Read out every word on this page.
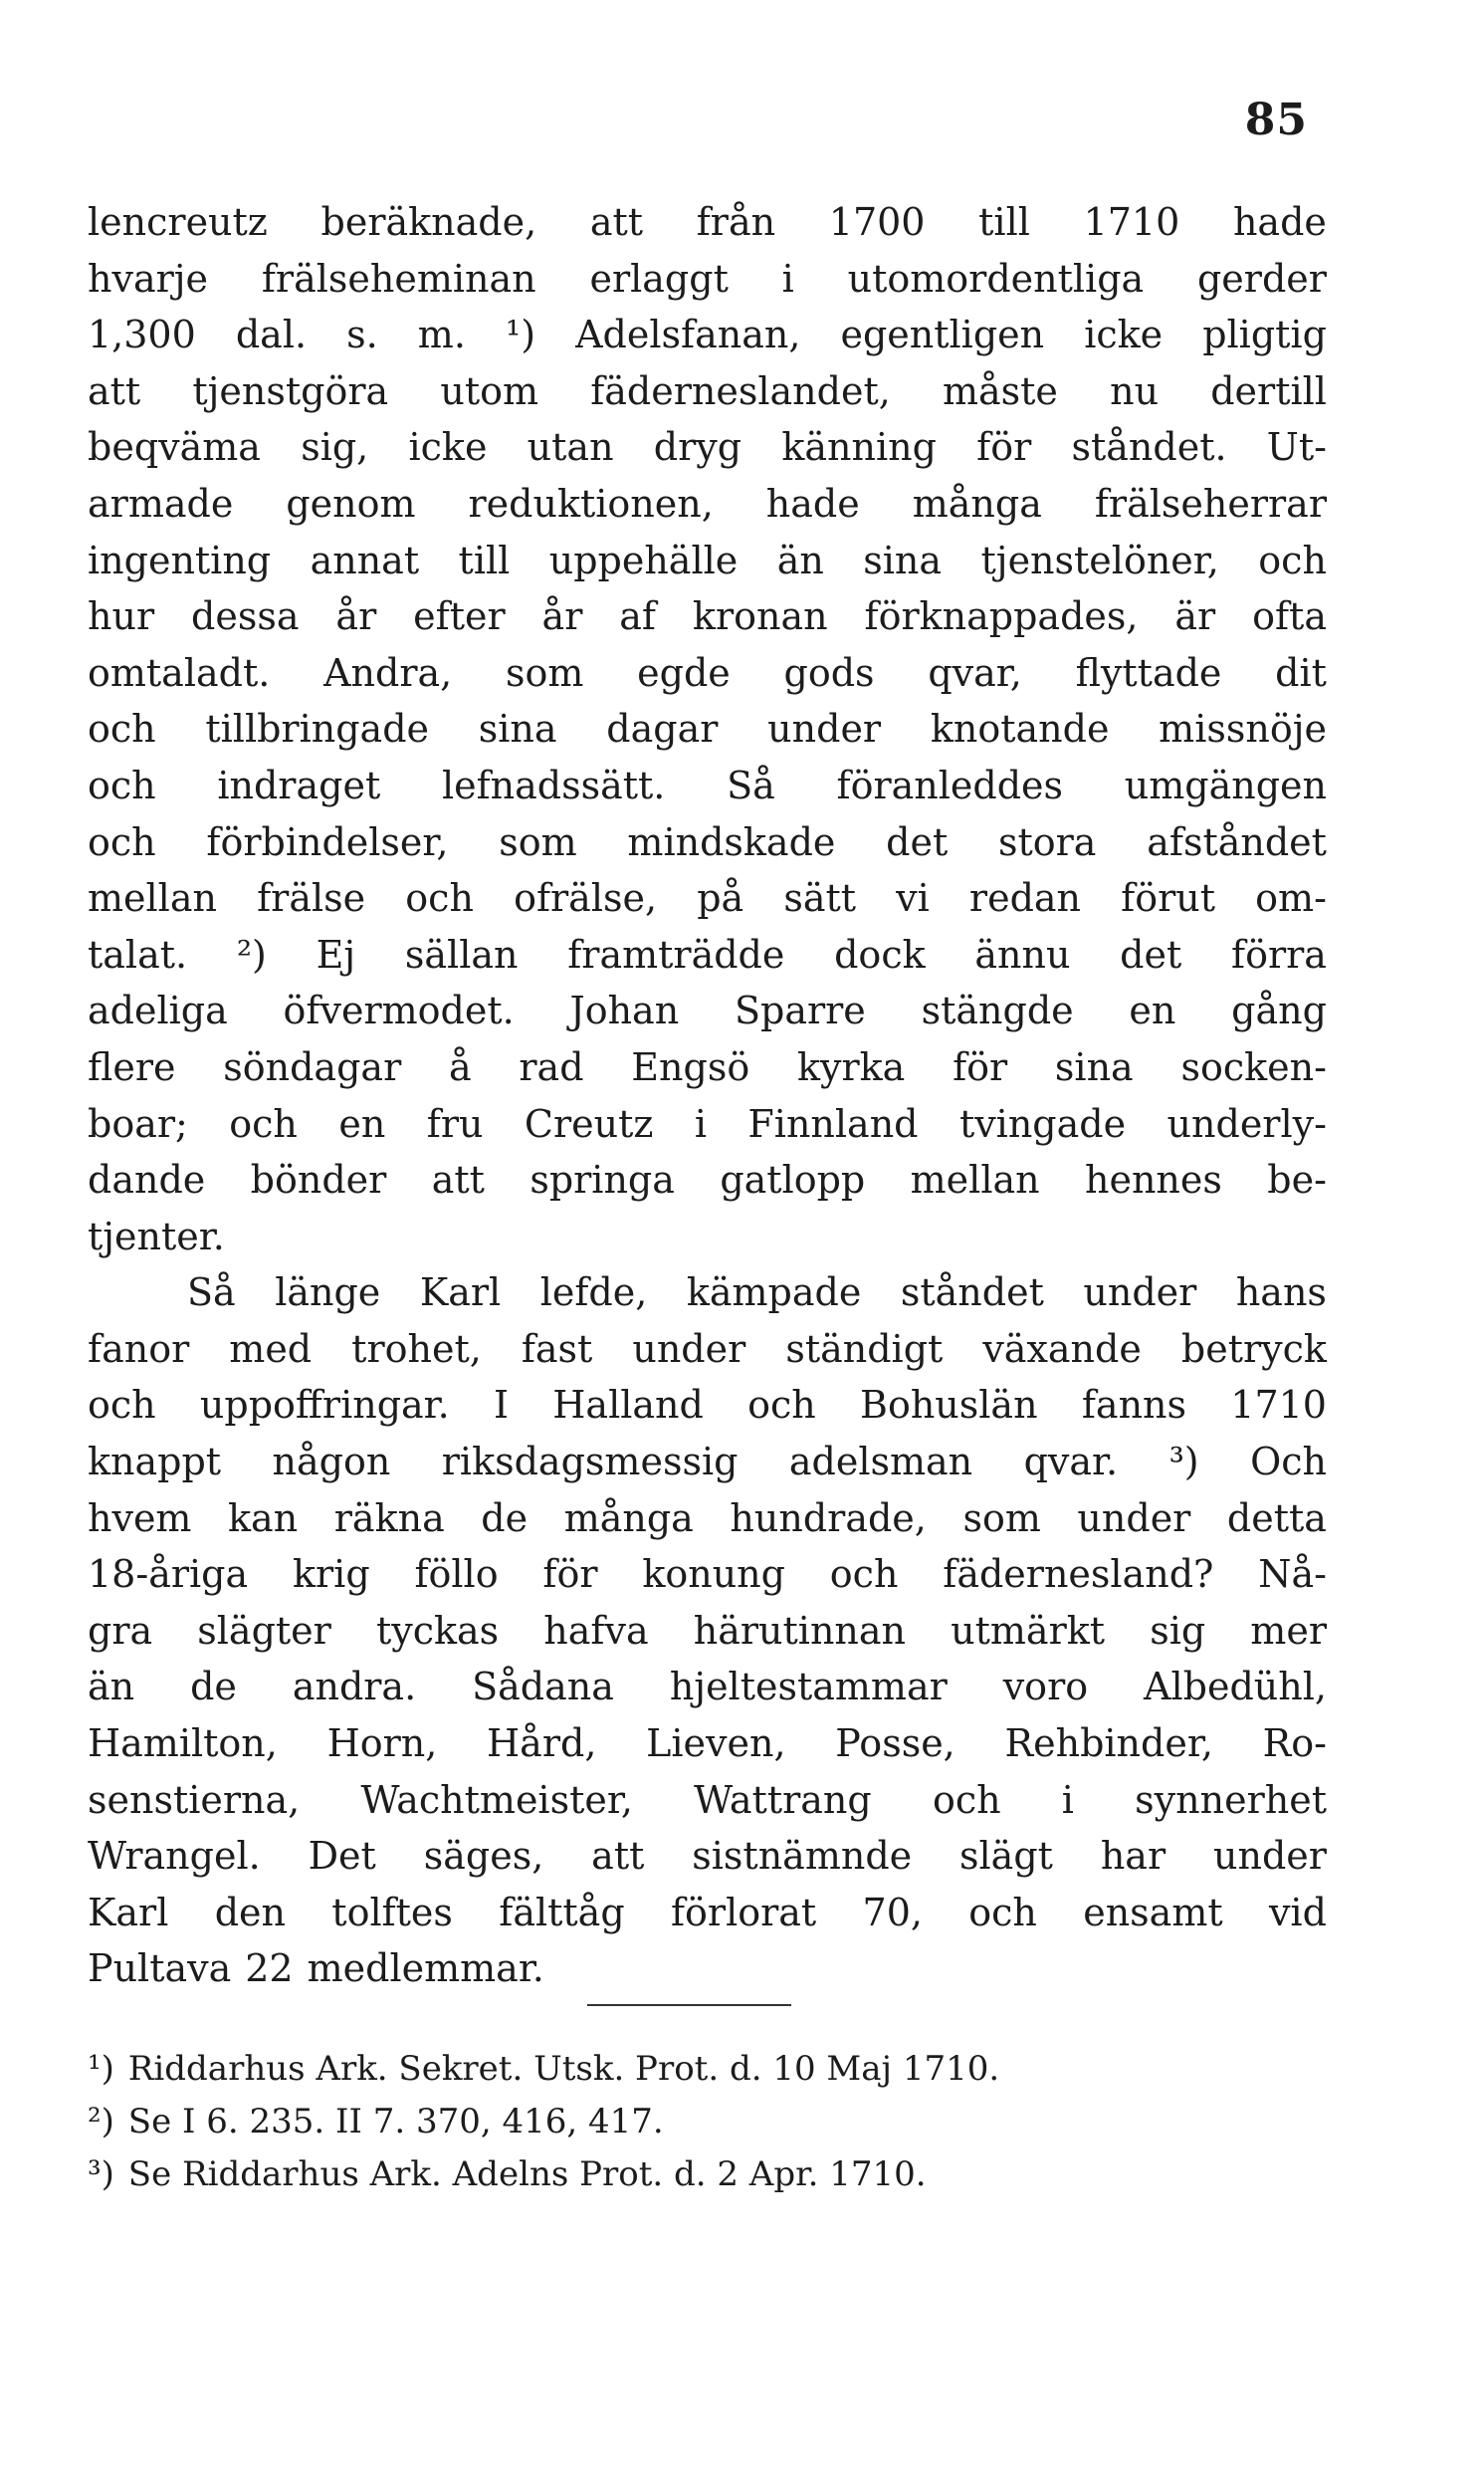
85
lencreutz beräknade, att från 1700 till 1710 hade
hvarje frälseheminan erlaggt i utomordentliga gerder
1,300 dal. s. m. ¹) Adelsfanan, egentligen icke pligtig
att tjenstgöra utom fäderneslandet, måste nu dertill
beqväma sig, icke utan dryg känning för ståndet. Ut-
armade genom reduktionen, hade många frälseherrar
ingenting annat till uppehälle än sina tjenstelöner, och
hur dessa år efter år af kronan förknappades, är ofta
omtaladt. Andra, som egde gods qvar, flyttade dit
och tillbringade sina dagar under knotande missnöje
och indraget lefnadssätt. Så föranleddes umgängen
och förbindelser, som mindskade det stora afståndet
mellan frälse och ofrälse, på sätt vi redan förut om-
talat. ²) Ej sällan framträdde dock ännu det förra
adeliga öfvermodet. Johan Sparre stängde en gång
flere söndagar å rad Engsö kyrka för sina socken-
boar; och en fru Creutz i Finnland tvingade underly-
dande bönder att springa gatlopp mellan hennes be-
tjenter.
Så länge Karl lefde, kämpade ståndet under hans
fanor med trohet, fast under ständigt växande betryck
och uppoffringar. I Halland och Bohuslän fanns 1710
knappt någon riksdagsmessig adelsman qvar. ³) Och
hvem kan räkna de många hundrade, som under detta
18-åriga krig föllo för konung och fädernesland? Nå-
gra slägter tyckas hafva härutinnan utmärkt sig mer
än de andra. Sådana hjeltestammar voro Albedühl,
Hamilton, Horn, Hård, Lieven, Posse, Rehbinder, Ro-
senstierna, Wachtmeister, Wattrang och i synnerhet
Wrangel. Det säges, att sistnämnde slägt har under
Karl den tolftes fälttåg förlorat 70, och ensamt vid
Pultava 22 medlemmar.
¹) Riddarhus Ark. Sekret. Utsk. Prot. d. 10 Maj 1710.
²) Se I 6. 235. II 7. 370, 416, 417.
³) Se Riddarhus Ark. Adelns Prot. d. 2 Apr. 1710.
